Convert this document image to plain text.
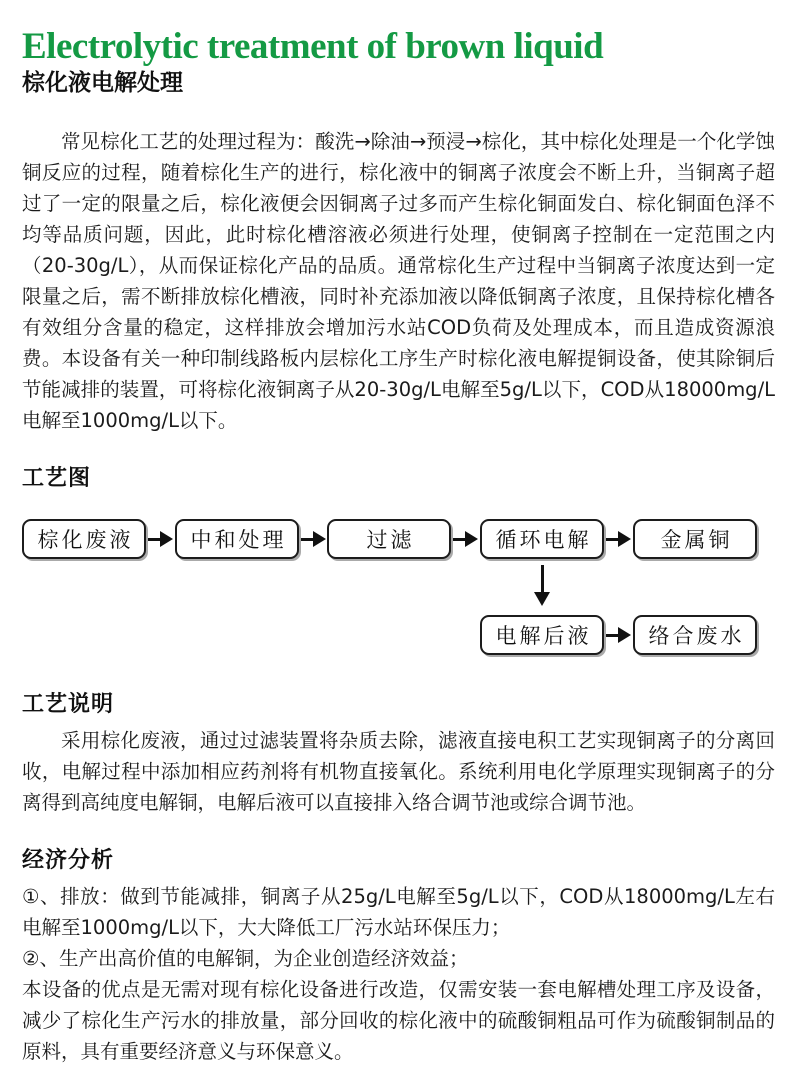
Electrolytic treatment of brown liquid
棕化液电解处理

常见棕化工艺的处理过程为：酸洗→除油→预浸→棕化，其中棕化处理是一个化学蚀铜反应的过程，随着棕化生产的进行，棕化液中的铜离子浓度会不断上升，当铜离子超过了一定的限量之后，棕化液便会因铜离子过多而产生棕化铜面发白、棕化铜面色泽不均等品质问题，因此，此时棕化槽溶液必须进行处理，使铜离子控制在一定范围之内（20-30g/L），从而保证棕化产品的品质。通常棕化生产过程中当铜离子浓度达到一定限量之后，需不断排放棕化槽液，同时补充添加液以降低铜离子浓度，且保持棕化槽各有效组分含量的稳定，这样排放会增加污水站COD负荷及处理成本，而且造成资源浪费。本设备有关一种印制线路板内层棕化工序生产时棕化液电解提铜设备，使其除铜后节能减排的装置，可将棕化液铜离子从20-30g/L电解至5g/L以下，COD从18000mg/L电解至1000mg/L以下。

工艺图
棕化废液	中和处理	过滤	循环电解	金属铜
电解后液	络合废水
工艺说明

采用棕化废液，通过过滤装置将杂质去除，滤液直接电积工艺实现铜离子的分离回收，电解过程中添加相应药剂将有机物直接氧化。系统利用电化学原理实现铜离子的分离得到高纯度电解铜，电解后液可以直接排入络合调节池或综合调节池。

经济分析

①、排放：做到节能减排，铜离子从25g/L电解至5g/L以下，COD从18000mg/L左右电解至1000mg/L以下，大大降低工厂污水站环保压力；

②、生产出高价值的电解铜，为企业创造经济效益；

本设备的优点是无需对现有棕化设备进行改造，仅需安装一套电解槽处理工序及设备，减少了棕化生产污水的排放量，部分回收的棕化液中的硫酸铜粗品可作为硫酸铜制品的原料，具有重要经济意义与环保意义。
